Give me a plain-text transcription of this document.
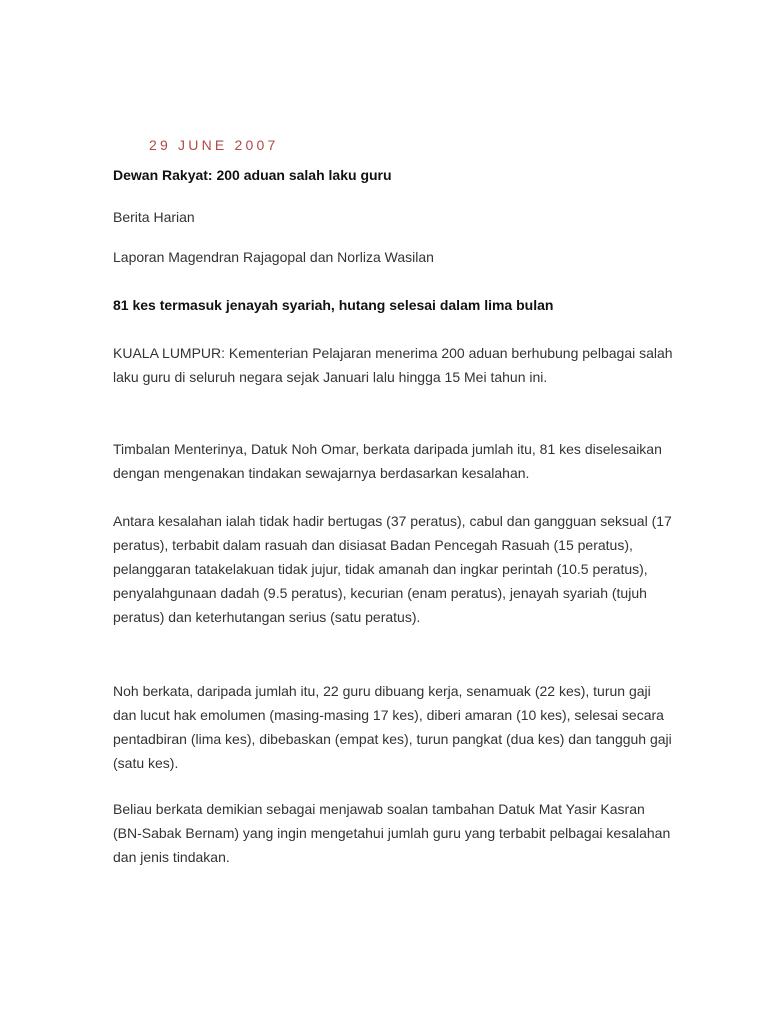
29 JUNE 2007

Dewan Rakyat: 200 aduan salah laku guru

Berita Harian

Laporan Magendran Rajagopal dan Norliza Wasilan

81 kes termasuk jenayah syariah, hutang selesai dalam lima bulan

KUALA LUMPUR: Kementerian Pelajaran menerima 200 aduan berhubung pelbagai salah laku guru di seluruh negara sejak Januari lalu hingga 15 Mei tahun ini.

Timbalan Menterinya, Datuk Noh Omar, berkata daripada jumlah itu, 81 kes diselesaikan dengan mengenakan tindakan sewajarnya berdasarkan kesalahan.

Antara kesalahan ialah tidak hadir bertugas (37 peratus), cabul dan gangguan seksual (17 peratus), terbabit dalam rasuah dan disiasat Badan Pencegah Rasuah (15 peratus), pelanggaran tatakelakuan tidak jujur, tidak amanah dan ingkar perintah (10.5 peratus), penyalahgunaan dadah (9.5 peratus), kecurian (enam peratus), jenayah syariah (tujuh peratus) dan keterhutangan serius (satu peratus).

Noh berkata, daripada jumlah itu, 22 guru dibuang kerja, senamuak (22 kes), turun gaji dan lucut hak emolumen (masing-masing 17 kes), diberi amaran (10 kes), selesai secara pentadbiran (lima kes), dibebaskan (empat kes), turun pangkat (dua kes) dan tangguh gaji (satu kes).

Beliau berkata demikian sebagai menjawab soalan tambahan Datuk Mat Yasir Kasran (BN-Sabak Bernam) yang ingin mengetahui jumlah guru yang terbabit pelbagai kesalahan dan jenis tindakan.
